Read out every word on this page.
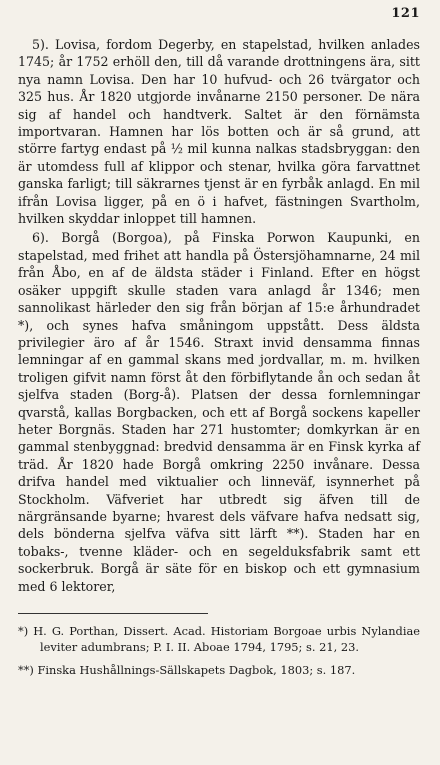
121

5). Lovisa, fordom Degerby, en stapelstad, hvilken anlades 1745; år 1752 erhöll den, till då varande drottningens ära, sitt nya namn Lovisa. Den har 10 hufvud- och 26 tvärgator och 325 hus. År 1820 utgjorde invånarne 2150 personer. De nära sig af handel och handtverk. Saltet är den förnämsta importvaran. Hamnen har lös botten och är så grund, att större fartyg endast på ½ mil kunna nalkas stadsbryggan: den är utomdess full af klippor och stenar, hvilka göra farvattnet ganska farligt; till säkrarnes tjenst är en fyrbåk anlagd. En mil ifrån Lovisa ligger, på en ö i hafvet, fästningen Svartholm, hvilken skyddar inloppet till hamnen.

6). Borgå (Borgoa), på Finska Porwon Kaupunki, en stapelstad, med frihet att handla på Östersjöhamnarne, 24 mil från Åbo, en af de äldsta städer i Finland. Efter en högst osäker uppgift skulle staden vara anlagd år 1346; men sannolikast härleder den sig från början af 15:e århundradet *), och synes hafva småningom uppstått. Dess äldsta privilegier äro af år 1546. Straxt invid densamma finnas lemningar af en gammal skans med jordvallar, m. m. hvilken troligen gifvit namn först åt den förbiflytande ån och sedan åt sjelfva staden (Borg-å). Platsen der dessa fornlemningar qvarstå, kallas Borgbacken, och ett af Borgå sockens kapeller heter Borgnäs. Staden har 271 hustomter; domkyrkan är en gammal stenbyggnad: bredvid densamma är en Finsk kyrka af träd. År 1820 hade Borgå omkring 2250 invånare. Dessa drifva handel med viktualier och linneväf, isynnerhet på Stockholm. Väfveriet har utbredt sig äfven till de närgränsande byarne; hvarest dels väfvare hafva nedsatt sig, dels bönderna sjelfva väfva sitt lärft **). Staden har en tobaks-, tvenne kläder- och en segelduksfabrik samt ett sockerbruk. Borgå är säte för en biskop och ett gymnasium med 6 lektorer,

*) H. G. Porthan, Dissert. Acad. Historiam Borgoae urbis Nylandiae leviter adumbrans; P. I. II. Aboae 1794, 1795; s. 21, 23.
**) Finska Hushållnings-Sällskapets Dagbok, 1803; s. 187.
